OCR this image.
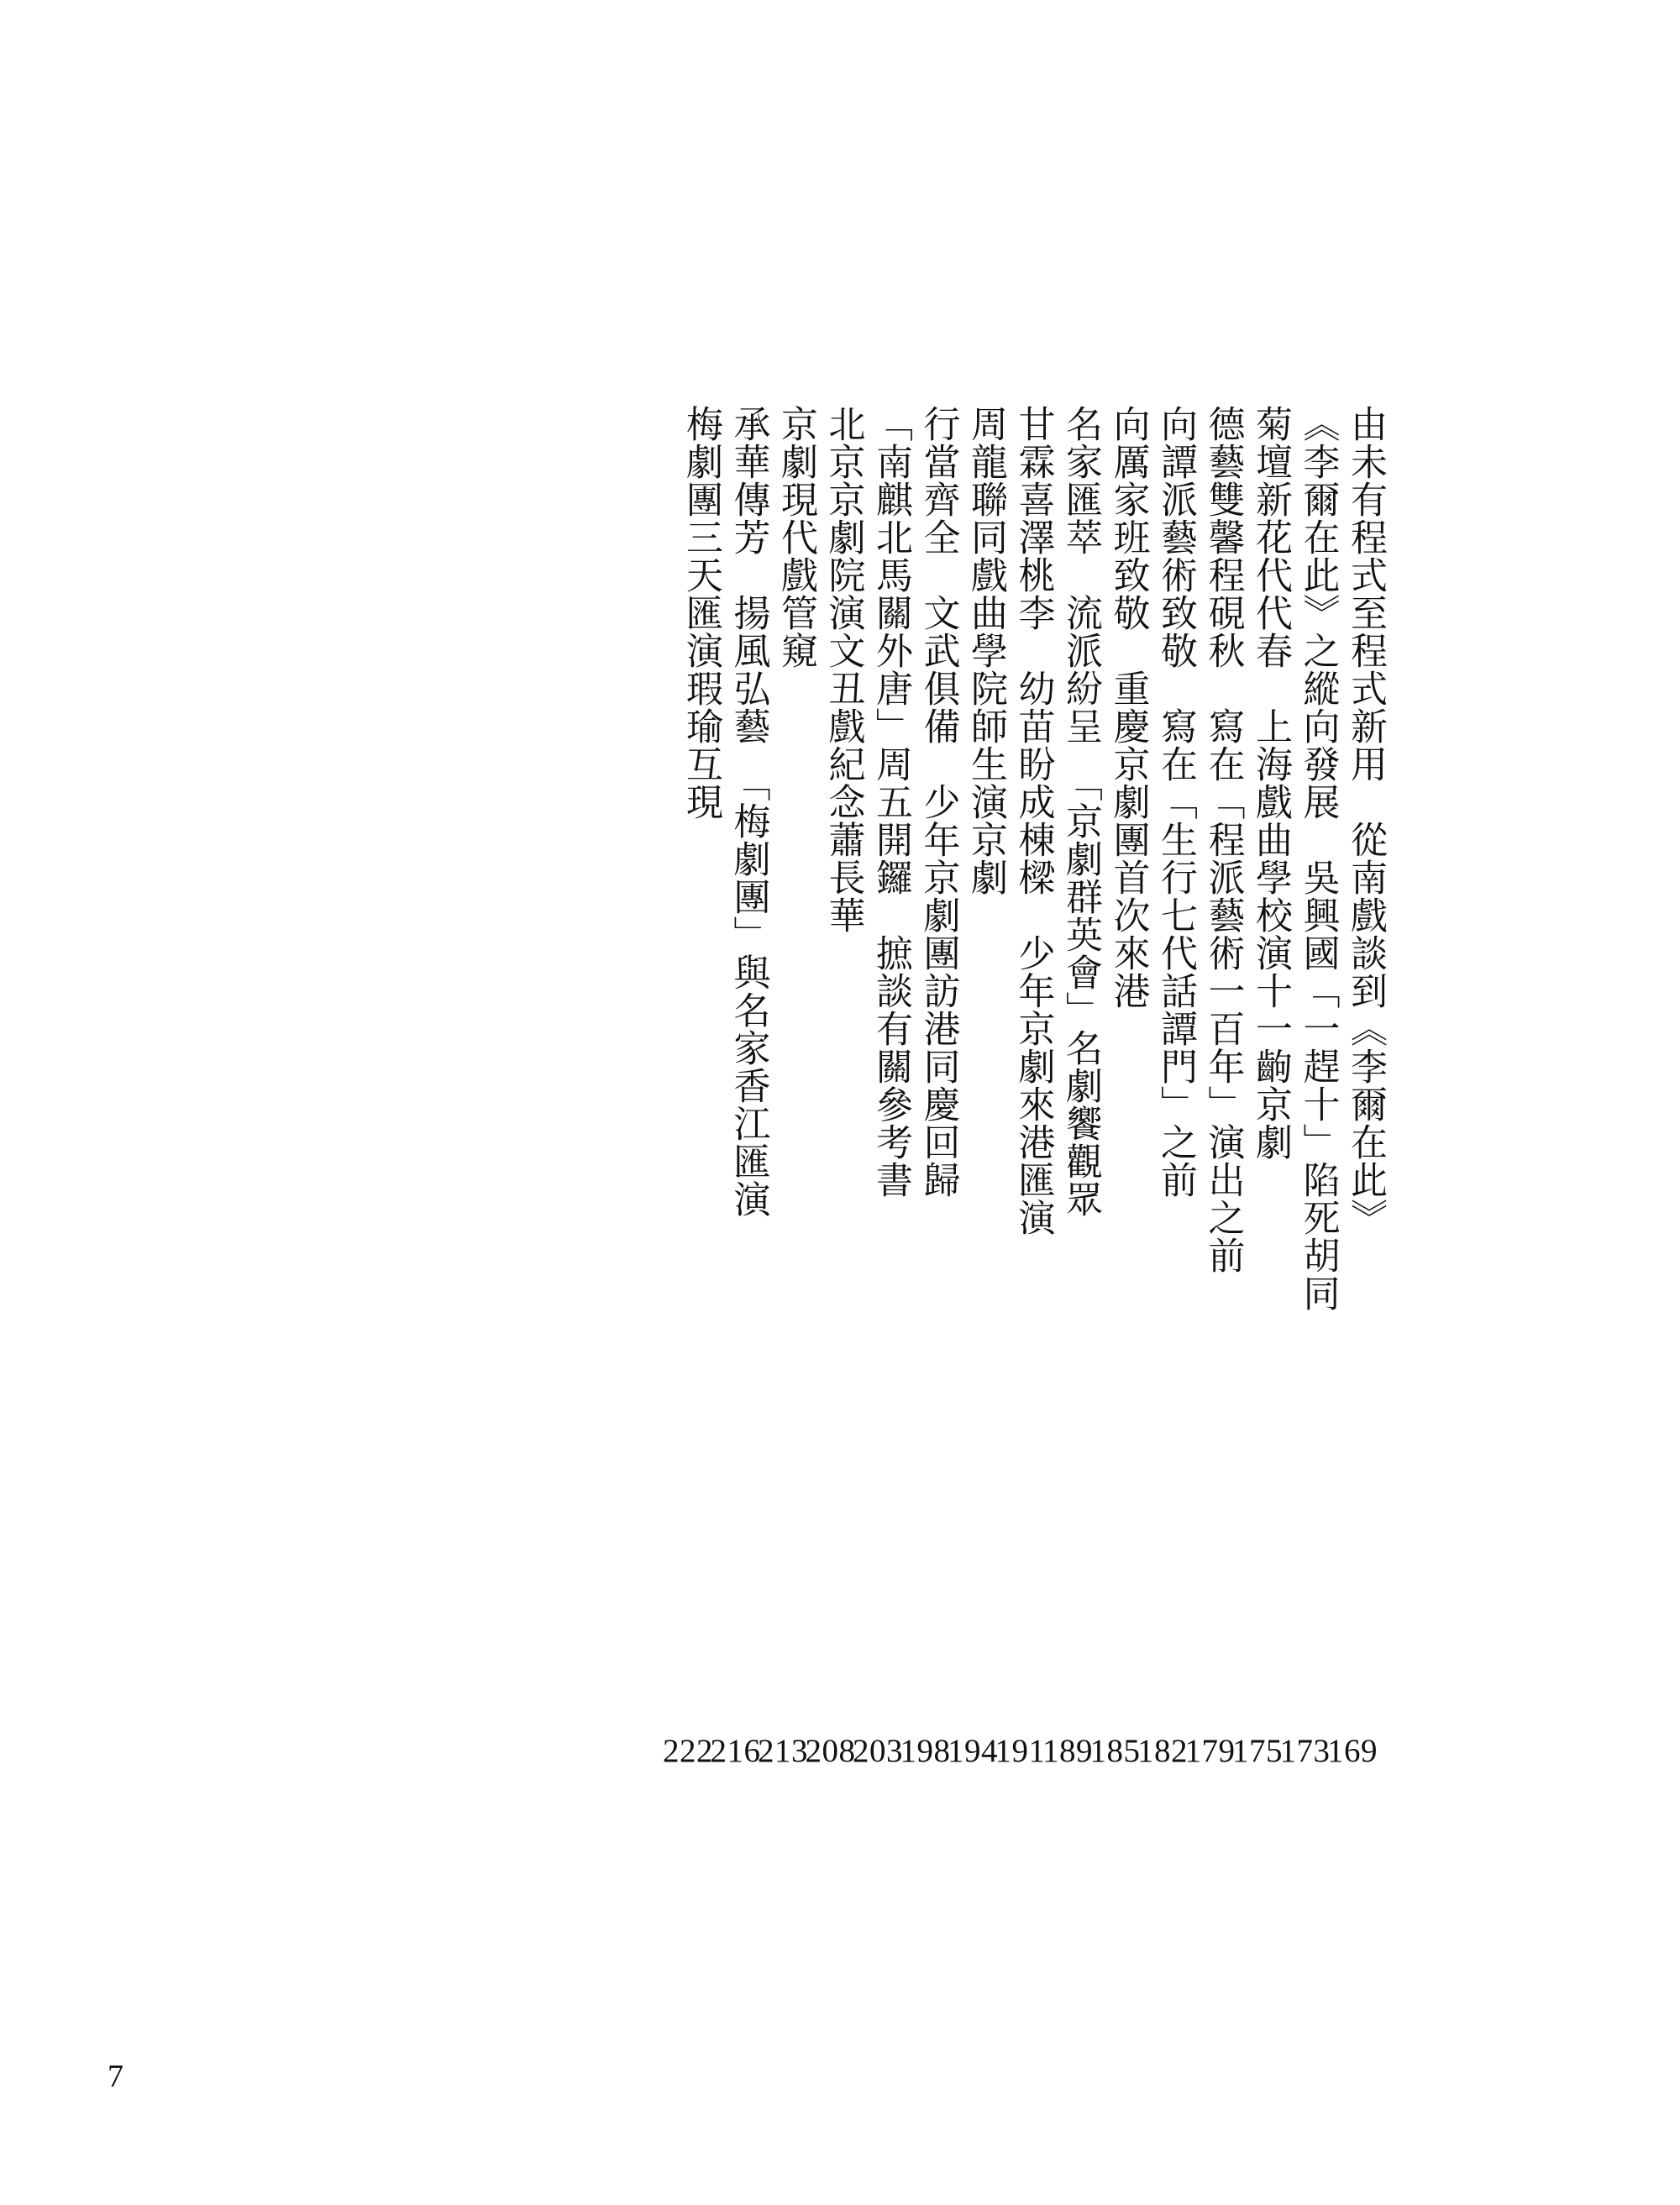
由未有程式至程式新用　從南戲談到《李爾在此》
169
《李爾在此》之縱向發展　吳興國「一趕十」陷死胡同
173
菊壇新花代代春　上海戲曲學校演十一齣京劇
175
德藝雙馨程硯秋　寫在「程派藝術一百年」演出之前
179
向譚派藝術致敬　寫在「生行七代話譚門」之前
182
向厲家班致敬　重慶京劇團首次來港
185
名家匯萃　流派紛呈　「京劇群英會」名劇饗觀眾
189
甘霖喜澤桃李　幼苗盼成棟樑　少年京劇來港匯演
191
周龍聯同戲曲學院師生演京劇
194
行當齊全　文武俱備　少年京劇團訪港同慶回歸
198
「南麒北馬關外唐」周五開鑼　摭談有關參考書
203
北京京劇院演文丑戲紀念蕭長華
208
京劇現代戲管窺
213
承華傳芳　揚風弘藝　「梅劇團」與名家香江匯演
216
梅劇團三天匯演瑕瑜互現
222
7
